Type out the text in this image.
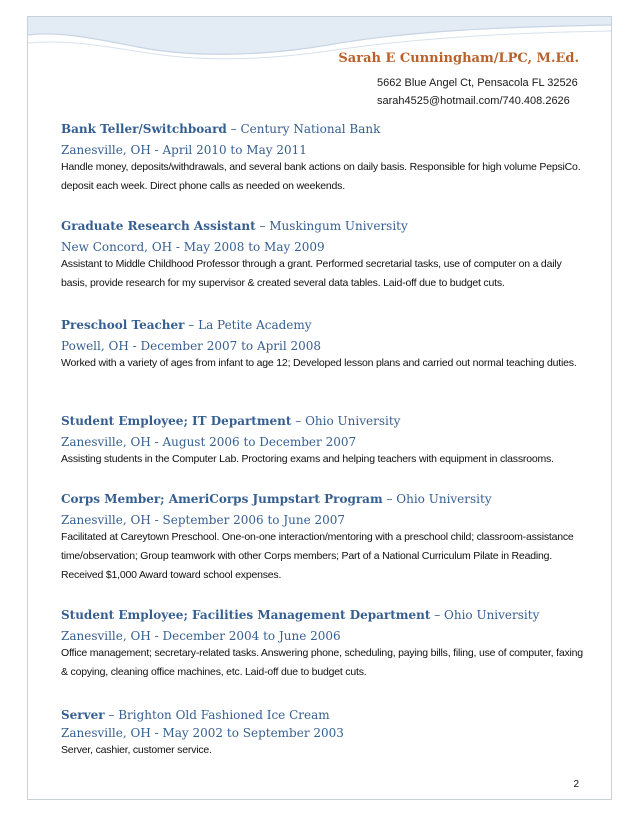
Sarah E Cunningham/LPC, M.Ed.
5662 Blue Angel Ct, Pensacola FL 32526
sarah4525@hotmail.com/740.408.2626
Bank Teller/Switchboard – Century National Bank
Zanesville, OH - April 2010 to May 2011
Handle money, deposits/withdrawals, and several bank actions on daily basis. Responsible for high volume PepsiCo. deposit each week. Direct phone calls as needed on weekends.
Graduate Research Assistant – Muskingum University
New Concord, OH - May 2008 to May 2009
Assistant to Middle Childhood Professor through a grant. Performed secretarial tasks, use of computer on a daily basis, provide research for my supervisor & created several data tables. Laid-off due to budget cuts.
Preschool Teacher – La Petite Academy
Powell, OH - December 2007 to April 2008
Worked with a variety of ages from infant to age 12; Developed lesson plans and carried out normal teaching duties.
Student Employee; IT Department – Ohio University
Zanesville, OH - August 2006 to December 2007
Assisting students in the Computer Lab. Proctoring exams and helping teachers with equipment in classrooms.
Corps Member; AmeriCorps Jumpstart Program – Ohio University
Zanesville, OH - September 2006 to June 2007
Facilitated at Careytown Preschool. One-on-one interaction/mentoring with a preschool child; classroom-assistance time/observation; Group teamwork with other Corps members; Part of a National Curriculum Pilate in Reading. Received $1,000 Award toward school expenses.
Student Employee; Facilities Management Department – Ohio University
Zanesville, OH - December 2004 to June 2006
Office management; secretary-related tasks. Answering phone, scheduling, paying bills, filing, use of computer, faxing & copying, cleaning office machines, etc. Laid-off due to budget cuts.
Server – Brighton Old Fashioned Ice Cream
Zanesville, OH - May 2002 to September 2003
Server, cashier, customer service.
2
